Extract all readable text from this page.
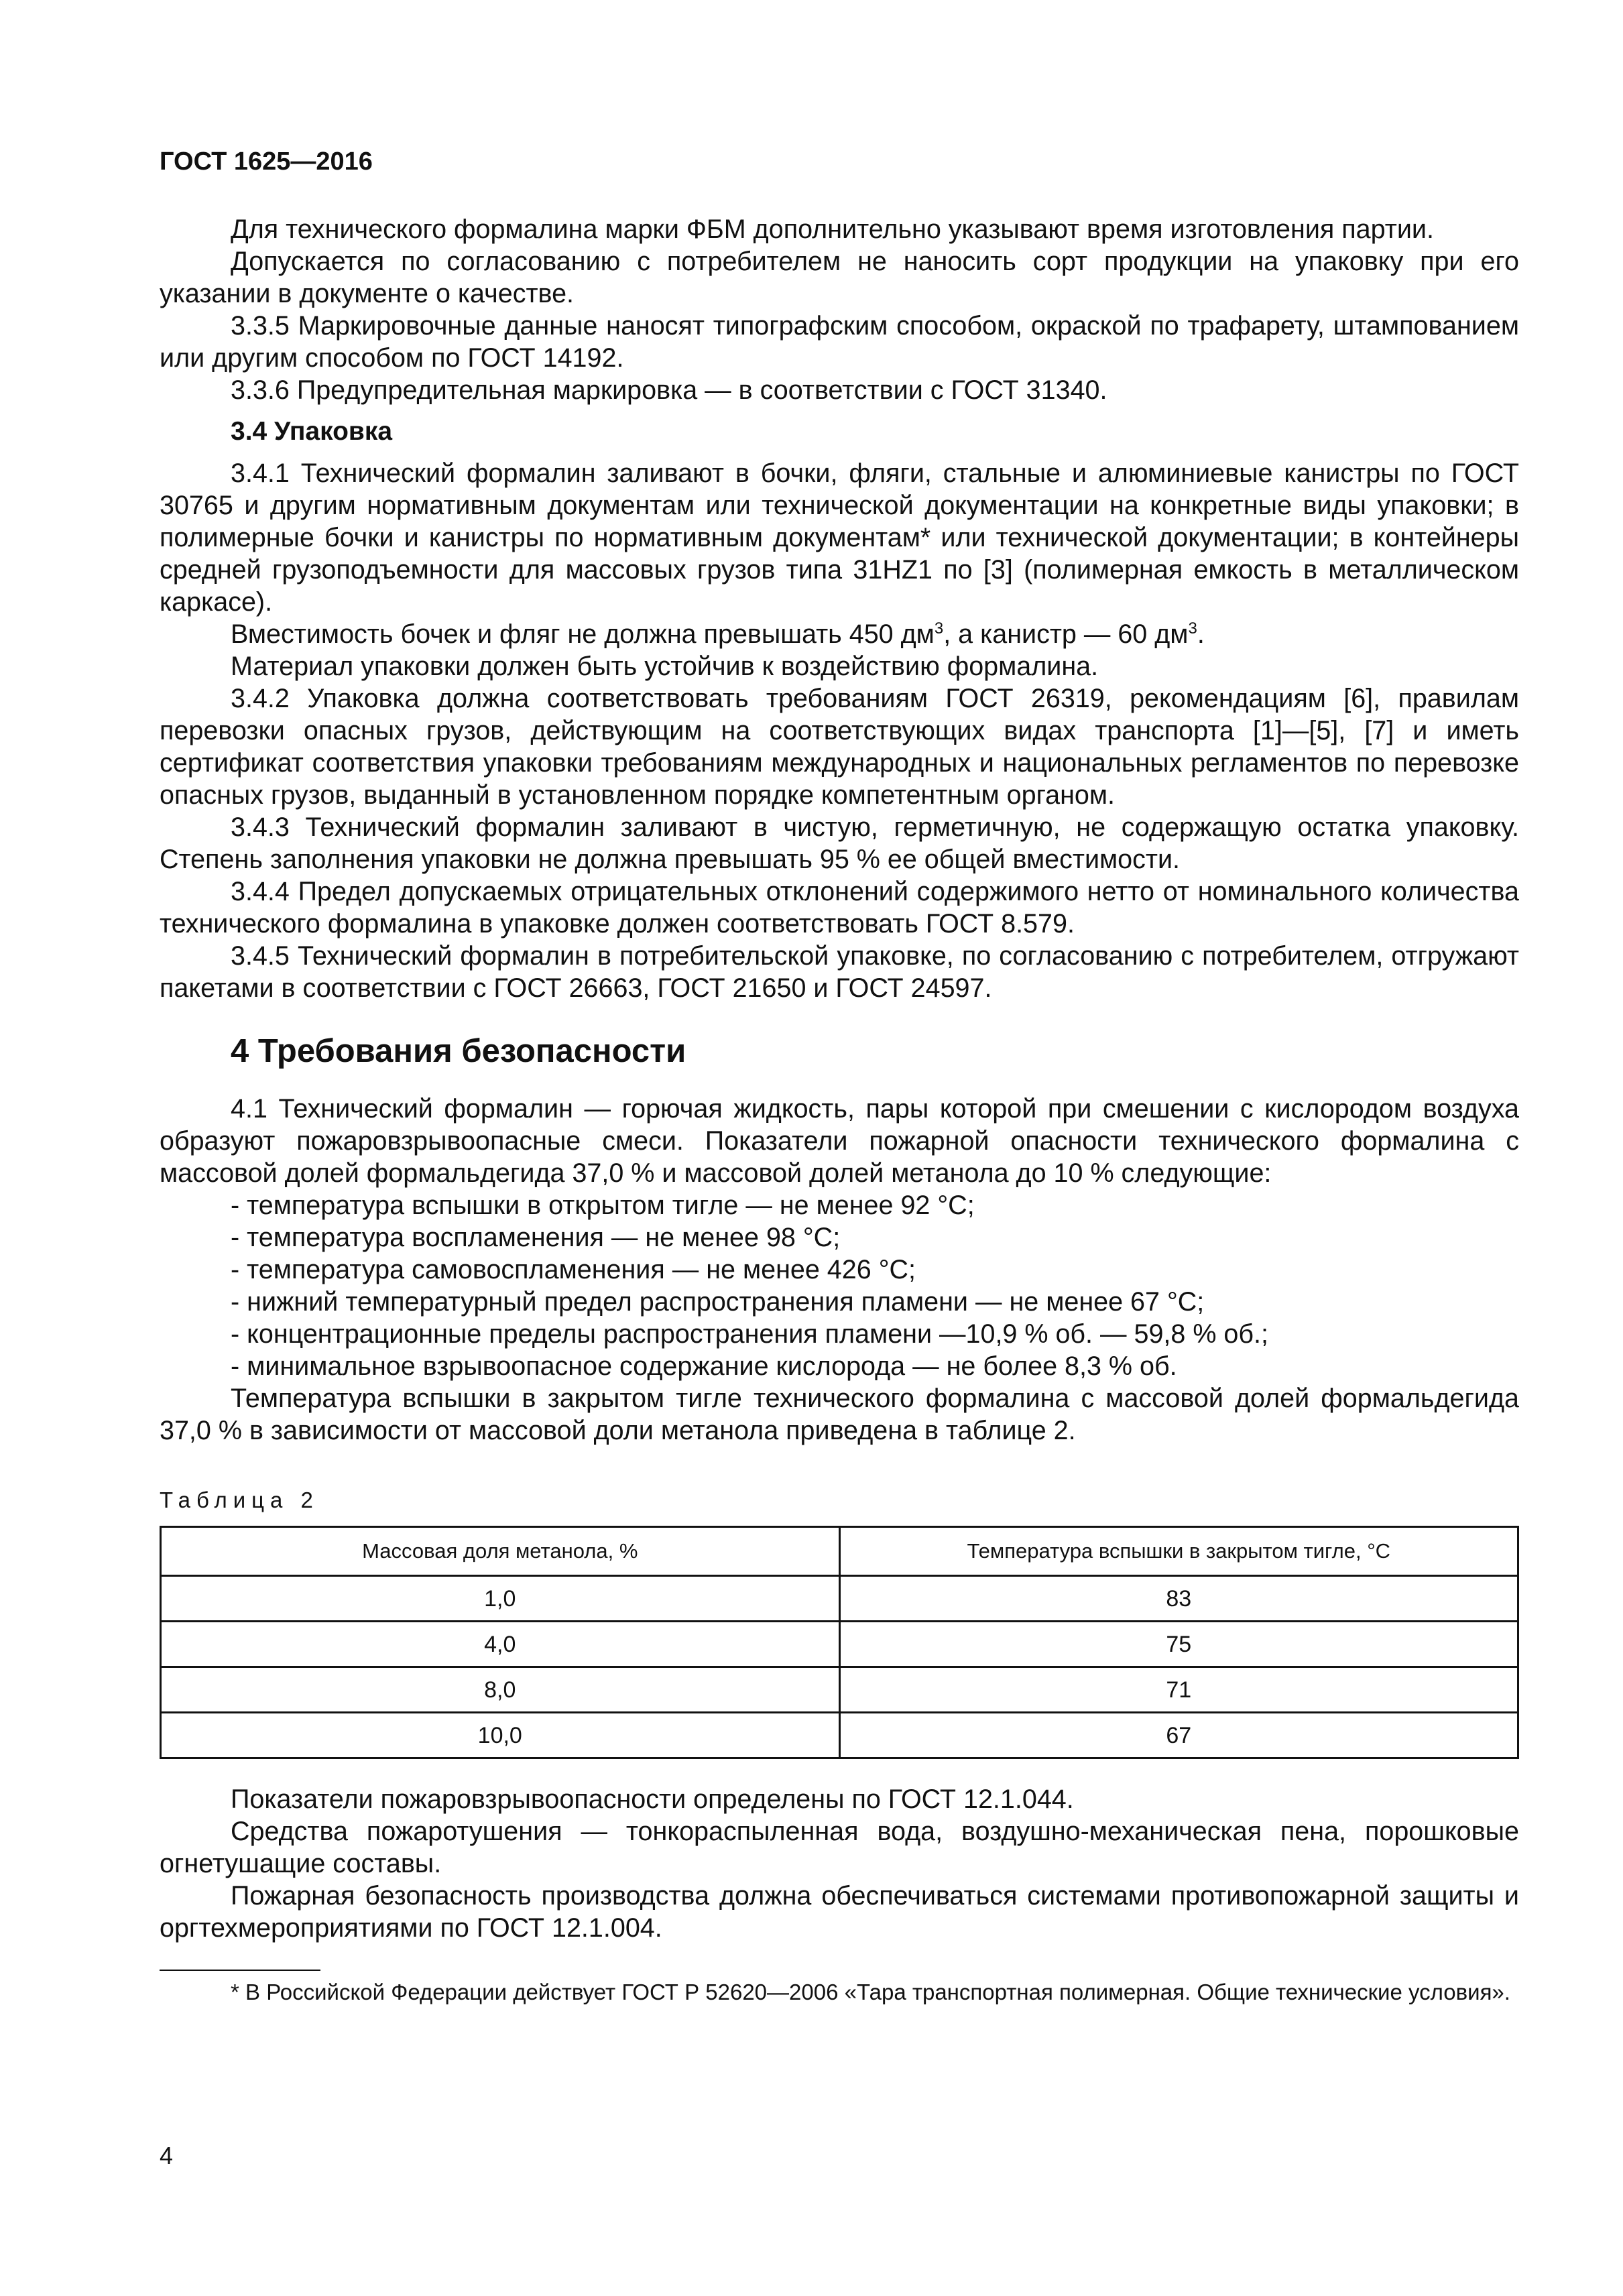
ГОСТ 1625—2016

Для технического формалина марки ФБМ дополнительно указывают время изготовления партии.

Допускается по согласованию с потребителем не наносить сорт продукции на упаковку при его указании в документе о качестве.

3.3.5 Маркировочные данные наносят типографским способом, окраской по трафарету, штампованием или другим способом по ГОСТ 14192.

3.3.6 Предупредительная маркировка — в соответствии с ГОСТ 31340.

3.4 Упаковка

3.4.1 Технический формалин заливают в бочки, фляги, стальные и алюминиевые канистры по ГОСТ 30765 и другим нормативным документам или технической документации на конкретные виды упаковки; в полимерные бочки и канистры по нормативным документам* или технической документации; в контейнеры средней грузоподъемности для массовых грузов типа 31HZ1 по [3] (полимерная емкость в металлическом каркасе).

Вместимость бочек и фляг не должна превышать 450 $дм^3$, а канистр — 60 $дм^3$.

Материал упаковки должен быть устойчив к воздействию формалина.

3.4.2 Упаковка должна соответствовать требованиям ГОСТ 26319, рекомендациям [6], правилам перевозки опасных грузов, действующим на соответствующих видах транспорта [1]—[5], [7] и иметь сертификат соответствия упаковки требованиям международных и национальных регламентов по перевозке опасных грузов, выданный в установленном порядке компетентным органом.

3.4.3 Технический формалин заливают в чистую, герметичную, не содержащую остатка упаковку. Степень заполнения упаковки не должна превышать 95 % ее общей вместимости.

3.4.4 Предел допускаемых отрицательных отклонений содержимого нетто от номинального количества технического формалина в упаковке должен соответствовать ГОСТ 8.579.

3.4.5 Технический формалин в потребительской упаковке, по согласованию с потребителем, отгружают пакетами в соответствии с ГОСТ 26663, ГОСТ 21650 и ГОСТ 24597.

4 Требования безопасности

4.1 Технический формалин — горючая жидкость, пары которой при смешении с кислородом воздуха образуют пожаровзрывоопасные смеси. Показатели пожарной опасности технического формалина с массовой долей формальдегида 37,0 % и массовой долей метанола до 10 % следующие:

- температура вспышки в открытом тигле — не менее 92 °С;

- температура воспламенения — не менее 98 °С;

- температура самовоспламенения — не менее 426 °С;

- нижний температурный предел распространения пламени — не менее 67 °С;

- концентрационные пределы распространения пламени —10,9 % об. — 59,8 % об.;

- минимальное взрывоопасное содержание кислорода — не более 8,3 % об.

Температура вспышки в закрытом тигле технического формалина с массовой долей формальдегида 37,0 % в зависимости от массовой доли метанола приведена в таблице 2.

Таблица 2
Массовая доля метанола, %	Температура вспышки в закрытом тигле, °С
1,0	83
4,0	75
8,0	71
10,0	67

Показатели пожаровзрывоопасности определены по ГОСТ 12.1.044.

Средства пожаротушения — тонкораспыленная вода, воздушно-механическая пена, порошковые огнетушащие составы.

Пожарная безопасность производства должна обеспечиваться системами противопожарной защиты и оргтехмероприятиями по ГОСТ 12.1.004.

* В Российской Федерации действует ГОСТ Р 52620—2006 «Тара транспортная полимерная. Общие технические условия».

4
